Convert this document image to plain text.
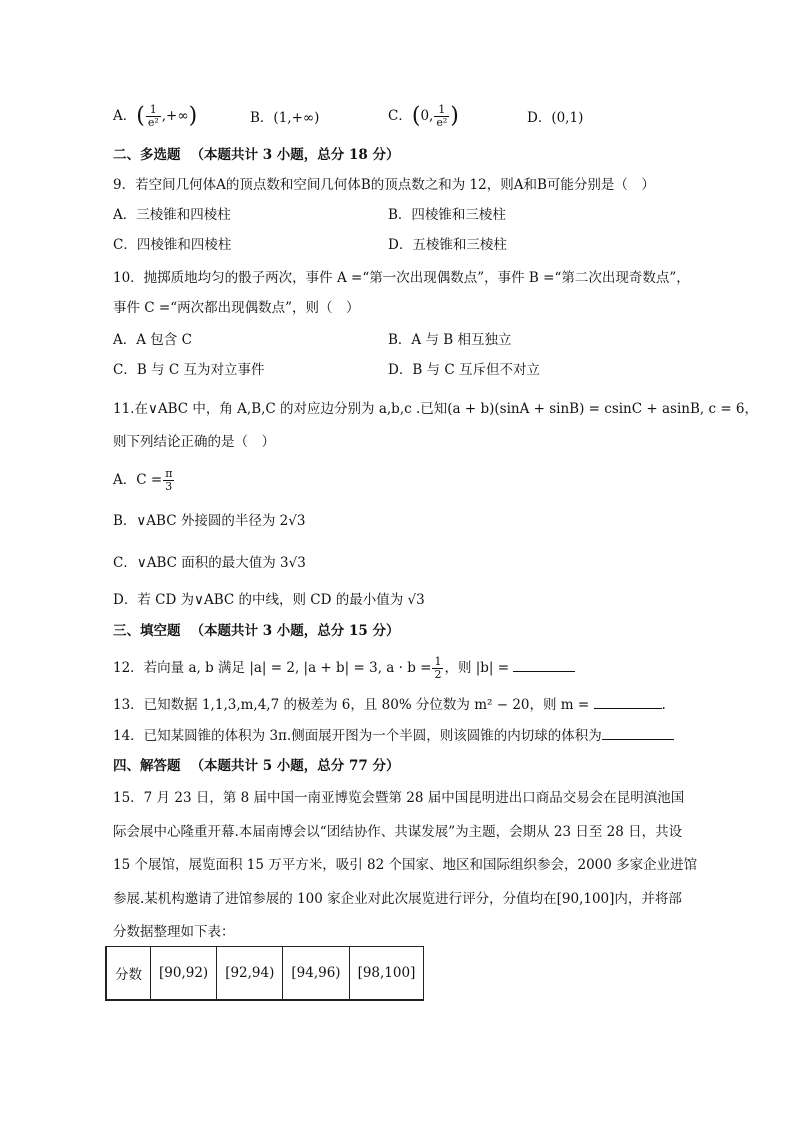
A．( $\frac{1}{\text{e²}}$ ,+∞)	B．(1,+∞)	C．(0, $\frac{1}{\text{e²}}$ )	D．(0,1)
二、多选题 （本题共计 3 小题，总分 18 分）
9．若空间几何体A的顶点数和空间几何体B的顶点数之和为 12，则A和B可能分别是（　）
A．三棱锥和四棱柱	B．四棱锥和三棱柱
C．四棱锥和四棱柱	D．五棱锥和三棱柱
10．抛掷质地均匀的骰子两次，事件 A =“第一次出现偶数点”，事件 B =“第二次出现奇数点”，
事件 C =“两次都出现偶数点”，则（　）
A．A 包含 C	B．A 与 B 相互独立
C．B 与 C 互为对立事件	D．B 与 C 互斥但不对立
11.在∨ABC 中，角 A,B,C 的对应边分别为 a,b,c .已知(a + b)(sinA + sinB) = csinC + asinB, c = 6，
则下列结论正确的是（　）
A．$C = \frac{\pi}{3}$
B．∨ABC 外接圆的半径为 2√3
C．∨ABC 面积的最大值为 3√3
D．若 CD 为∨ABC 的中线，则 CD 的最小值为 √3
三、填空题 （本题共计 3 小题，总分 15 分）
12．若向量 a, b 满足 |a| = 2, |a + b| = 3, $a \cdot b = \frac{1}{2}$ ，则 |b| =
13．已知数据 1,1,3,m,4,7 的极差为 6，且 80% 分位数为 m² − 20，则 m =	.
14．已知某圆锥的体积为 3π.侧面展开图为一个半圆，则该圆锥的内切球的体积为
四、解答题 （本题共计 5 小题，总分 77 分）
15．7 月 23 日，第 8 届中国一南亚博览会暨第 28 届中国昆明进出口商品交易会在昆明滇池国
际会展中心隆重开幕.本届南博会以“团结协作、共谋发展”为主题，会期从 23 日至 28 日，共设
15 个展馆，展览面积 15 万平方米，吸引 82 个国家、地区和国际组织参会，2000 多家企业进馆
参展.某机构邀请了进馆参展的 100 家企业对此次展览进行评分，分值均在[90,100]内，并将部
分数据整理如下表：
分数	[90,92)	[92,94)	[94,96)	[98,100]
